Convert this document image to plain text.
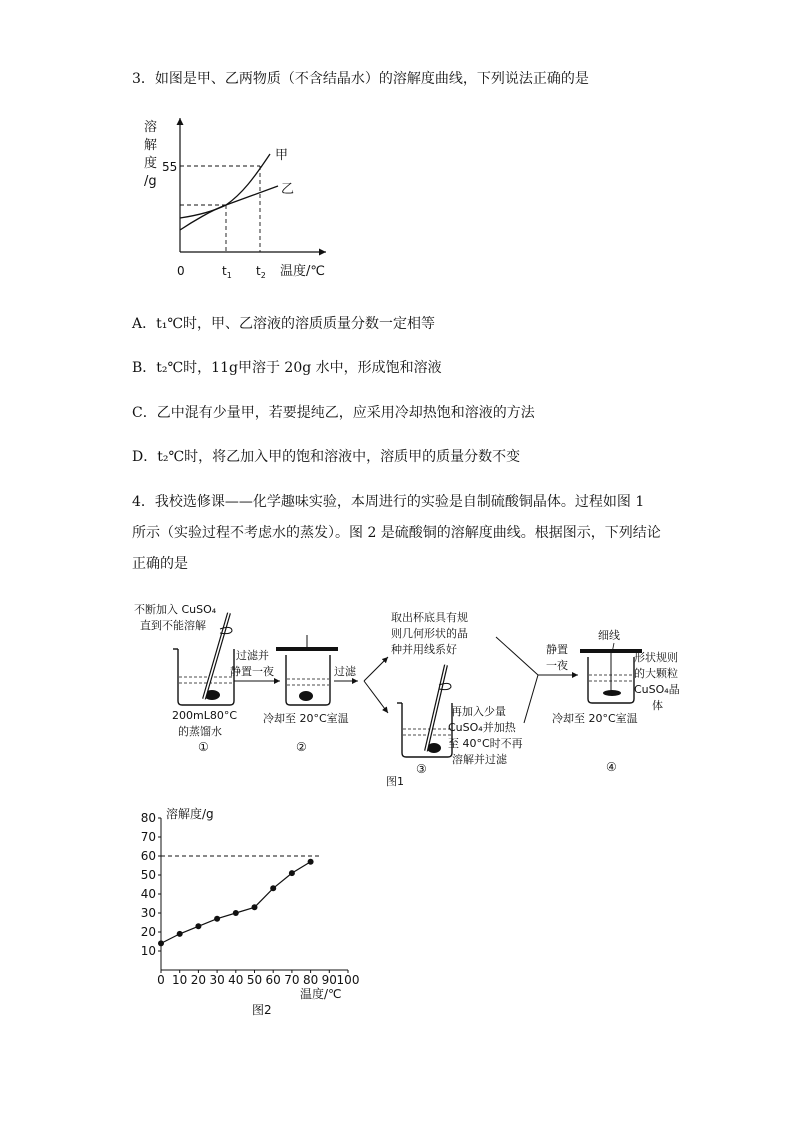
3．如图是甲、乙两物质（不含结晶水）的溶解度曲线，下列说法正确的是
溶
解
度
/g
55
甲
乙
0	$t_1$ $t_2$ 温度/℃
A．t₁℃时，甲、乙溶液的溶质质量分数一定相等
B．t₂℃时，11g甲溶于 20g 水中，形成饱和溶液
C．乙中混有少量甲，若要提纯乙，应采用冷却热饱和溶液的方法
D．t₂℃时，将乙加入甲的饱和溶液中，溶质甲的质量分数不变
4．我校选修课——化学趣味实验，本周进行的实验是自制硫酸铜晶体。过程如图 1
所示（实验过程不考虑水的蒸发）。图 2 是硫酸铜的溶解度曲线。根据图示，下列结论
正确的是
不断加入 CuSO₄
直到不能溶解
200mL80°C
的蒸馏水
①
过滤并
静置一夜
冷却至 20°C室温
②
过滤
取出杯底具有规
则几何形状的晶
种并用线系好
再加入少量
CuSO₄并加热
至 40°C时不再
溶解并过滤
③
静置
一夜
细线
形状规则
的大颗粒
CuSO₄晶
体
冷却至 20°C室温
④
图1
溶解度/g
温度/℃
图2
10
20
30
40
50
60
70
80
0 10 20 30 40 50 60 70 80 90 100
